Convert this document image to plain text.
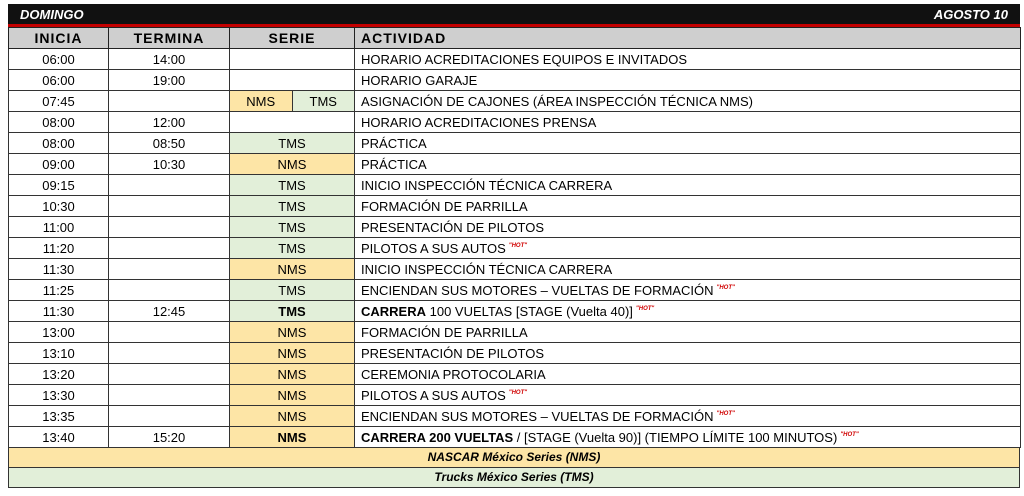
DOMINGO	AGOSTO 10
INICIA	TERMINA	SERIE	ACTIVIDAD
06:00	14:00		HORARIO ACREDITACIONES EQUIPOS E INVITADOS
06:00	19:00		HORARIO GARAJE
07:45		NMS TMS	ASIGNACIÓN DE CAJONES (ÁREA INSPECCIÓN TÉCNICA NMS)
08:00	12:00		HORARIO ACREDITACIONES PRENSA
08:00	08:50	TMS	PRÁCTICA
09:00	10:30	NMS	PRÁCTICA
09:15		TMS	INICIO INSPECCIÓN TÉCNICA CARRERA
10:30		TMS	FORMACIÓN DE PARRILLA
11:00		TMS	PRESENTACIÓN DE PILOTOS
11:20		TMS	PILOTOS A SUS AUTOS $^{"HOT"}$
11:30		NMS	INICIO INSPECCIÓN TÉCNICA CARRERA
11:25		TMS	ENCIENDAN SUS MOTORES – VUELTAS DE FORMACIÓN $^{"HOT"}$
11:30	12:45	TMS	CARRERA 100 VUELTAS [STAGE (Vuelta 40)] $^{"HOT"}$
13:00		NMS	FORMACIÓN DE PARRILLA
13:10		NMS	PRESENTACIÓN DE PILOTOS
13:20		NMS	CEREMONIA PROTOCOLARIA
13:30		NMS	PILOTOS A SUS AUTOS $^{"HOT"}$
13:35		NMS	ENCIENDAN SUS MOTORES – VUELTAS DE FORMACIÓN $^{"HOT"}$
13:40	15:20	NMS	CARRERA 200 VUELTAS / [STAGE (Vuelta 90)] (TIEMPO LÍMITE 100 MINUTOS) $^{"HOT"}$
NASCAR México Series (NMS)
Trucks México Series (TMS)
